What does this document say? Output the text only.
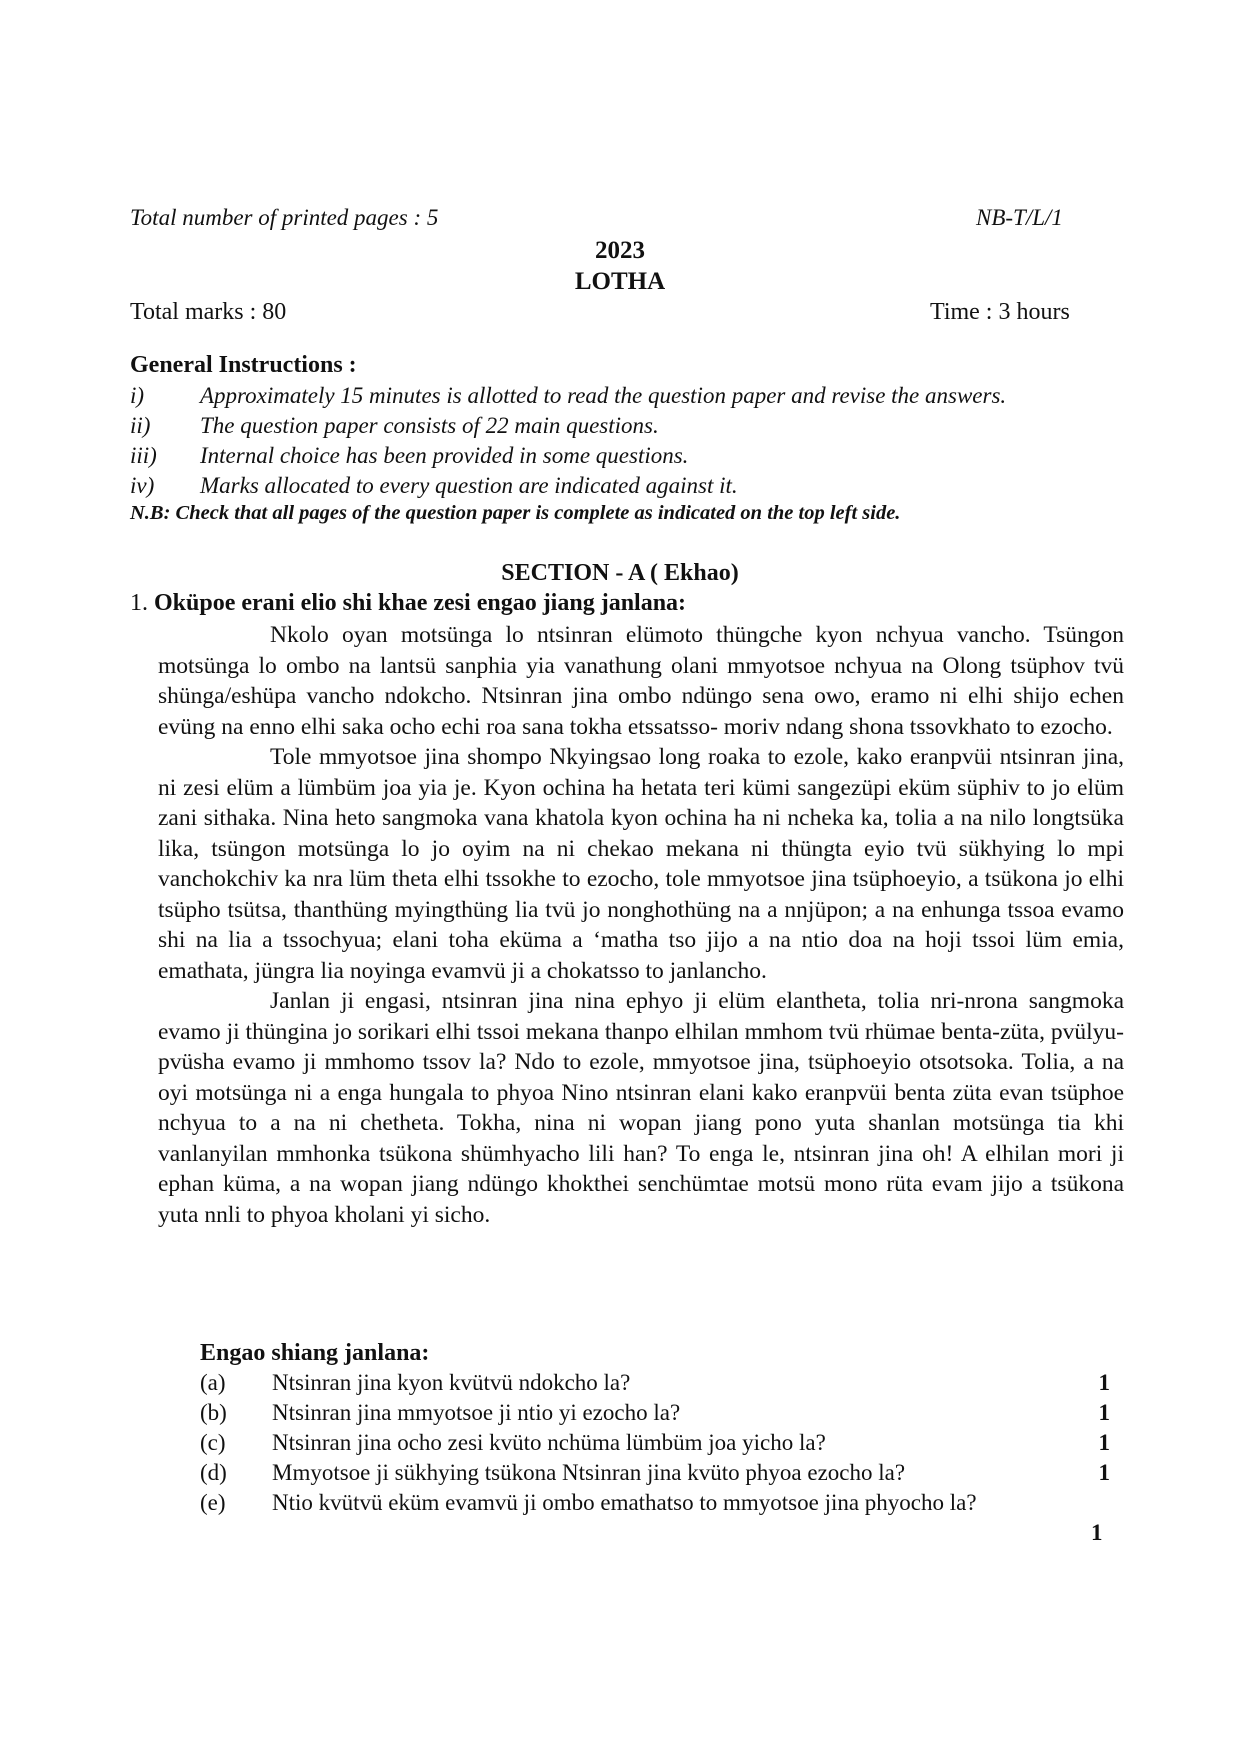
Total number of printed pages : 5	NB-T/L/1
2023
LOTHA
Total marks : 80	Time : 3 hours
General Instructions :
i) Approximately 15 minutes is allotted to read the question paper and revise the answers.
ii) The question paper consists of 22 main questions.
iii) Internal choice has been provided in some questions.
iv) Marks allocated to every question are indicated against it.
N.B: Check that all pages of the question paper is complete as indicated on the top left side.
SECTION - A ( Ekhao)
1. Oküpoe erani elio shi khae zesi engao jiang janlana:

Nkolo oyan motsünga lo ntsinran elümoto thüngche kyon nchyua vancho. Tsüngon motsünga lo ombo na lantsü sanphia yia vanathung olani mmyotsoe nchyua na Olong tsüphov tvü shünga/eshüpa vancho ndokcho. Ntsinran jina ombo ndüngo sena owo, eramo ni elhi shijo echen evüng na enno elhi saka ocho echi roa sana tokha etssatsso- moriv ndang shona tssovkhato to ezocho.

Tole mmyotsoe jina shompo Nkyingsao long roaka to ezole, kako eranpvüi ntsinran jina, ni zesi elüm a lümbüm joa yia je. Kyon ochina ha hetata teri kümi sangezüpi eküm süphiv to jo elüm zani sithaka. Nina heto sangmoka vana khatola kyon ochina ha ni ncheka ka, tolia a na nilo longtsüka lika, tsüngon motsünga lo jo oyim na ni chekao mekana ni thüngta eyio tvü sükhying lo mpi vanchokchiv ka nra lüm theta elhi tssokhe to ezocho, tole mmyotsoe jina tsüphoeyio, a tsükona jo elhi tsüpho tsütsa, thanthüng myingthüng lia tvü jo nonghothüng na a nnjüpon; a na enhunga tssoa evamo shi na lia a tssochyua; elani toha eküma a ‘matha tso jijo a na ntio doa na hoji tssoi lüm emia, emathata, jüngra lia noyinga evamvü ji a chokatsso to janlancho.

Janlan ji engasi, ntsinran jina nina ephyo ji elüm elantheta, tolia nri-nrona sangmoka evamo ji thüngina jo sorikari elhi tssoi mekana thanpo elhilan mmhom tvü rhümae benta-züta, pvülyu-pvüsha evamo ji mmhomo tssov la? Ndo to ezole, mmyotsoe jina, tsüphoeyio otsotsoka. Tolia, a na oyi motsünga ni a enga hungala to phyoa Nino ntsinran elani kako eranpvüi benta züta evan tsüphoe nchyua to a na ni chetheta. Tokha, nina ni wopan jiang pono yuta shanlan motsünga tia khi vanlanyilan mmhonka tsükona shümhyacho lili han? To enga le, ntsinran jina oh! A elhilan mori ji ephan küma, a na wopan jiang ndüngo khokthei senchümtae motsü mono rüta evam jijo a tsükona yuta nnli to phyoa kholani yi sicho.

Engao shiang janlana:
(a) Ntsinran jina kyon kvütvü ndokcho la?	1
(b) Ntsinran jina mmyotsoe ji ntio yi ezocho la?	1
(c) Ntsinran jina ocho zesi kvüto nchüma lümbüm joa yicho la?	1
(d) Mmyotsoe ji sükhying tsükona Ntsinran jina kvüto phyoa ezocho la?	1
(e) Ntio kvütvü eküm evamvü ji ombo emathatso to mmyotsoe jina phyocho la?
1
